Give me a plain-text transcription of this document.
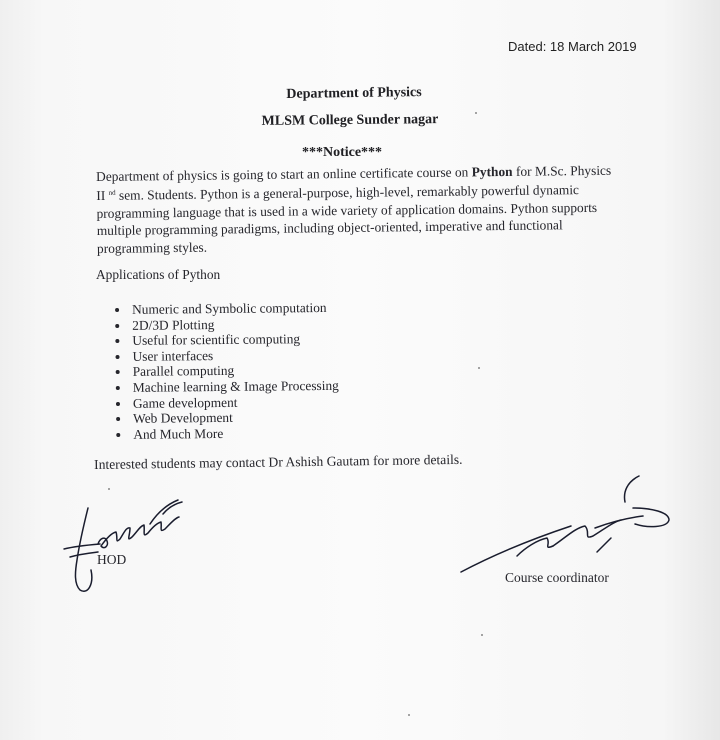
Dated: 18 March 2019
Department of Physics
MLSM College Sunder nagar
***Notice***

Department of physics is going to start an online certificate course on Python for M.Sc. Physics

II $^{nd}$ sem. Students. Python is a general-purpose, high-level, remarkably powerful dynamic

programming language that is used in a wide variety of application domains. Python supports

multiple programming paradigms, including object-oriented, imperative and functional

programming styles.

Applications of Python
Numeric and Symbolic computation
2D/3D Plotting
Useful for scientific computing
User interfaces
Parallel computing
Machine learning & Image Processing
Game development
Web Development
And Much More
Interested students may contact Dr Ashish Gautam for more details.
HOD
Course coordinator
